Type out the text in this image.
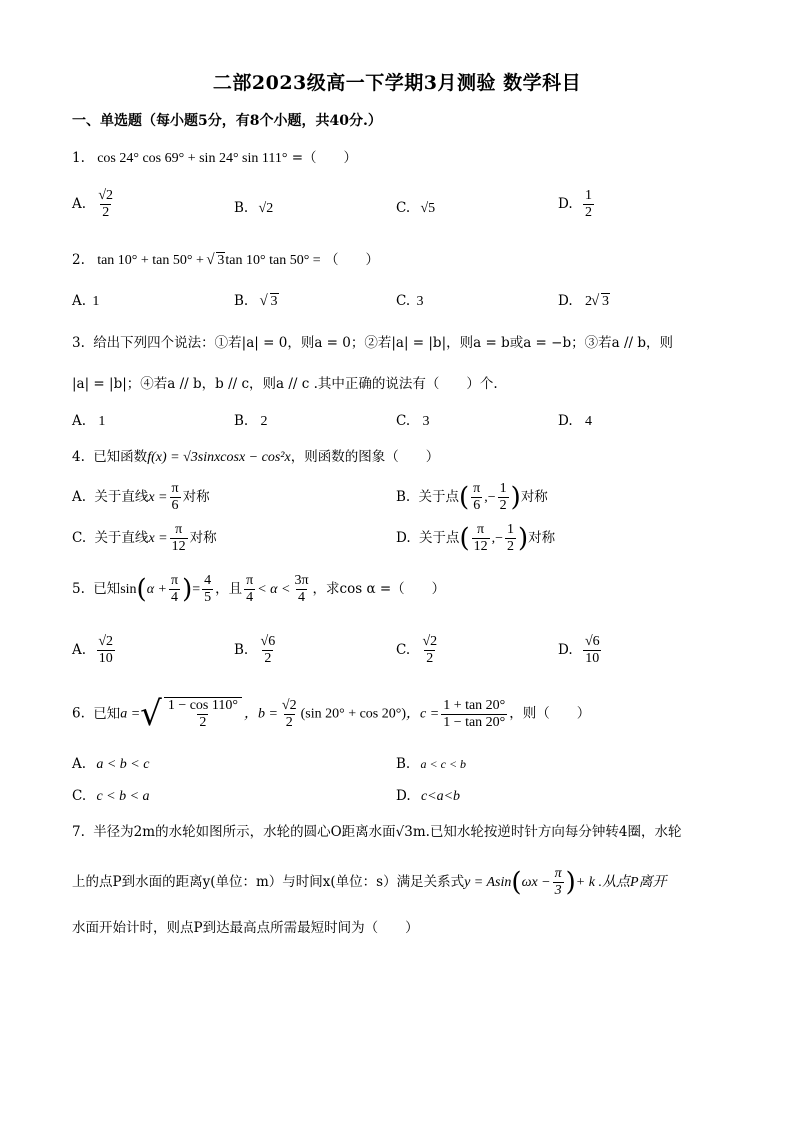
二部2023级高一下学期3月测验 数学科目
一、单选题（每小题5分，有8个小题，共40分.）
1. cos 24° cos 69° + sin 24° sin 111° =（　　）
A. $\frac{√2}{2}$	B. √2	C. √5	D. $\frac{1}{2}$
2. tan 10° + tan 50° + √ 3tan 10° tan 50° = （　　）
A. 1	B. √ 3	C. 3	D. 2 √ 3
3. 给出下列四个说法：①若|a| = 0，则a = 0；②若|a| = |b|，则a = b或a = −b；③若a // b，则
|a| = |b|；④若a // b，b // c，则a // c .其中正确的说法有（　　）个.
A. 1	B. 2	C. 3	D. 4
4. 已知函数f(x) = √3sinxcosx − cos²x，则函数的图象（　　）
A. 关于直线$x = \frac{\pi}{6}$ 对称	B. 关于点( $\frac{\pi}{6}$ ,− $\frac{1}{2}$ )对称
C. 关于直线$x = \frac{\pi}{12}$ 对称	D. 关于点( $\frac{\pi}{12}$ ,− $\frac{1}{2}$ )对称
5. 已知$\sin(\alpha + \frac{\pi}{4}$ )= $\frac{4}{5}$ ，且 $\frac{\pi}{4} < \alpha < \frac{3\pi}{4}$ ，求cos α =（　　）
A. $\frac{√2}{10}$	B. $\frac{√6}{2}$	C. $\frac{√2}{2}$	D. $\frac{√6}{10}$
6. 已知a = √ $\frac{1 - \cos 110^\circ}{2}$ ，$b = \frac{√2}{2} (\sin$ 20° + cos 20°)，$c = \frac{1 + \tan 20^\circ}{1 - \tan 20^\circ}$ ，则（　　）
A. a < b < c	B. a < c < b
C. c < b < a	D. c<a<b
7. 半径为2m的水轮如图所示，水轮的圆心O距离水面√3m.已知水轮按逆时针方向每分钟转4圈，水轮
上的点P到水面的距离y(单位：m）与时间x(单位：s）满足关系式$y = Asin(\omega x - \frac{\pi}{3}$ )+ k .从点P离开
水面开始计时，则点P到达最高点所需最短时间为（　　）
